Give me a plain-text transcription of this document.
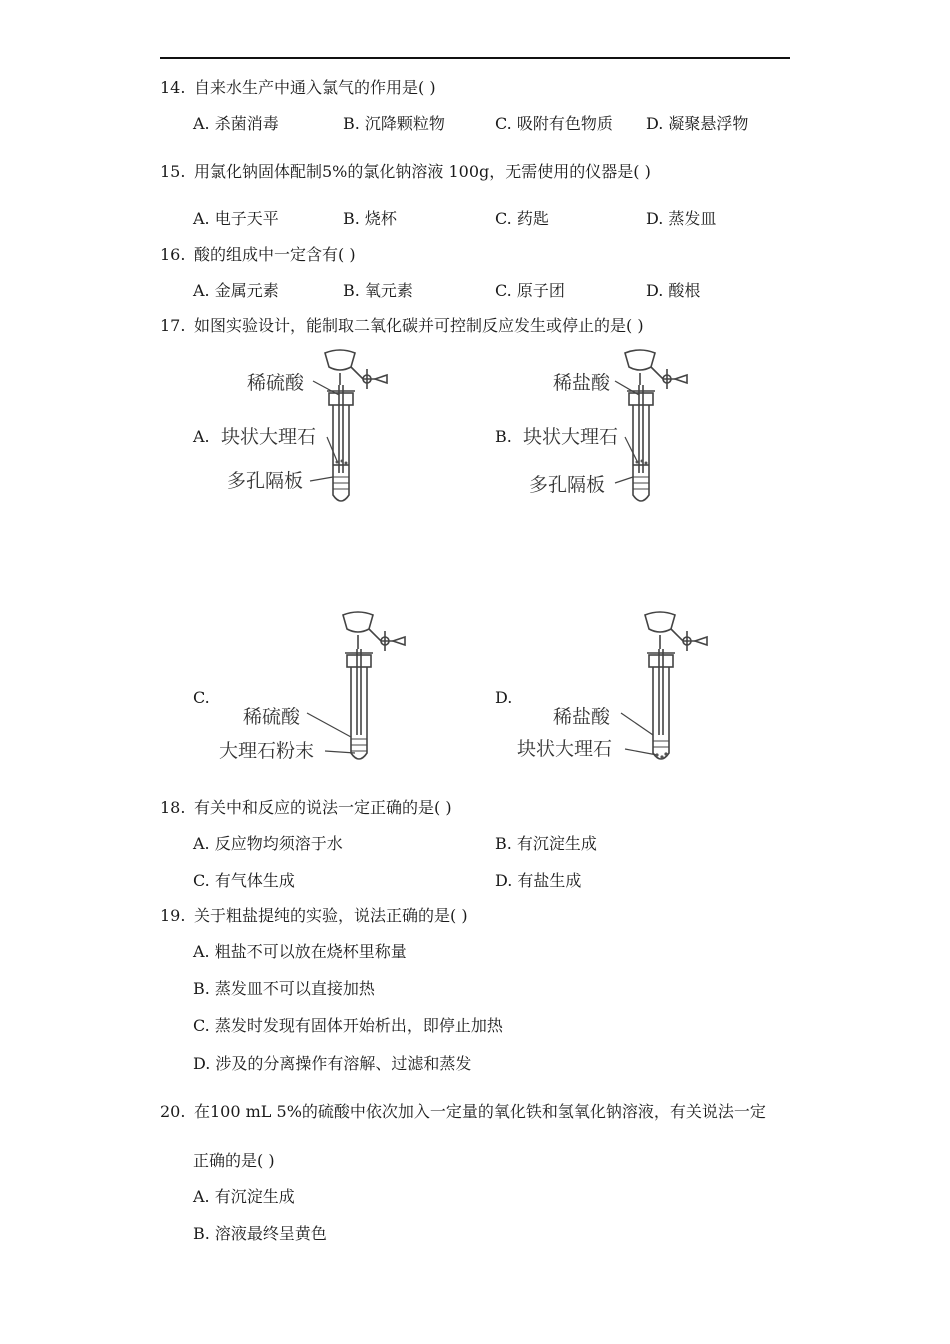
14. 自来水生产中通入氯气的作用是( )
A. 杀菌消毒	B. 沉降颗粒物	C. 吸附有色物质 D. 凝聚悬浮物
15. 用氯化钠固体配制5%的氯化钠溶液 100g，无需使用的仪器是( )
A. 电子天平	B. 烧杯	C. 药匙	D. 蒸发皿
16. 酸的组成中一定含有( )
A. 金属元素	B. 氧元素	C. 原子团	D. 酸根
17. 如图实验设计，能制取二氧化碳并可控制反应发生或停止的是( )
A.	B.
C.	D.
稀硫酸
块状大理石
多孔隔板
稀盐酸
块状大理石
多孔隔板
稀硫酸
大理石粉末
稀盐酸
块状大理石
18. 有关中和反应的说法一定正确的是( )
A. 反应物均须溶于水	B. 有沉淀生成
C. 有气体生成	D. 有盐生成
19. 关于粗盐提纯的实验，说法正确的是( )
A. 粗盐不可以放在烧杯里称量
B. 蒸发皿不可以直接加热
C. 蒸发时发现有固体开始析出，即停止加热
D. 涉及的分离操作有溶解、过滤和蒸发
20. 在100 mL 5%的硫酸中依次加入一定量的氧化铁和氢氧化钠溶液，有关说法一定
正确的是( )
A. 有沉淀生成
B. 溶液最终呈黄色
